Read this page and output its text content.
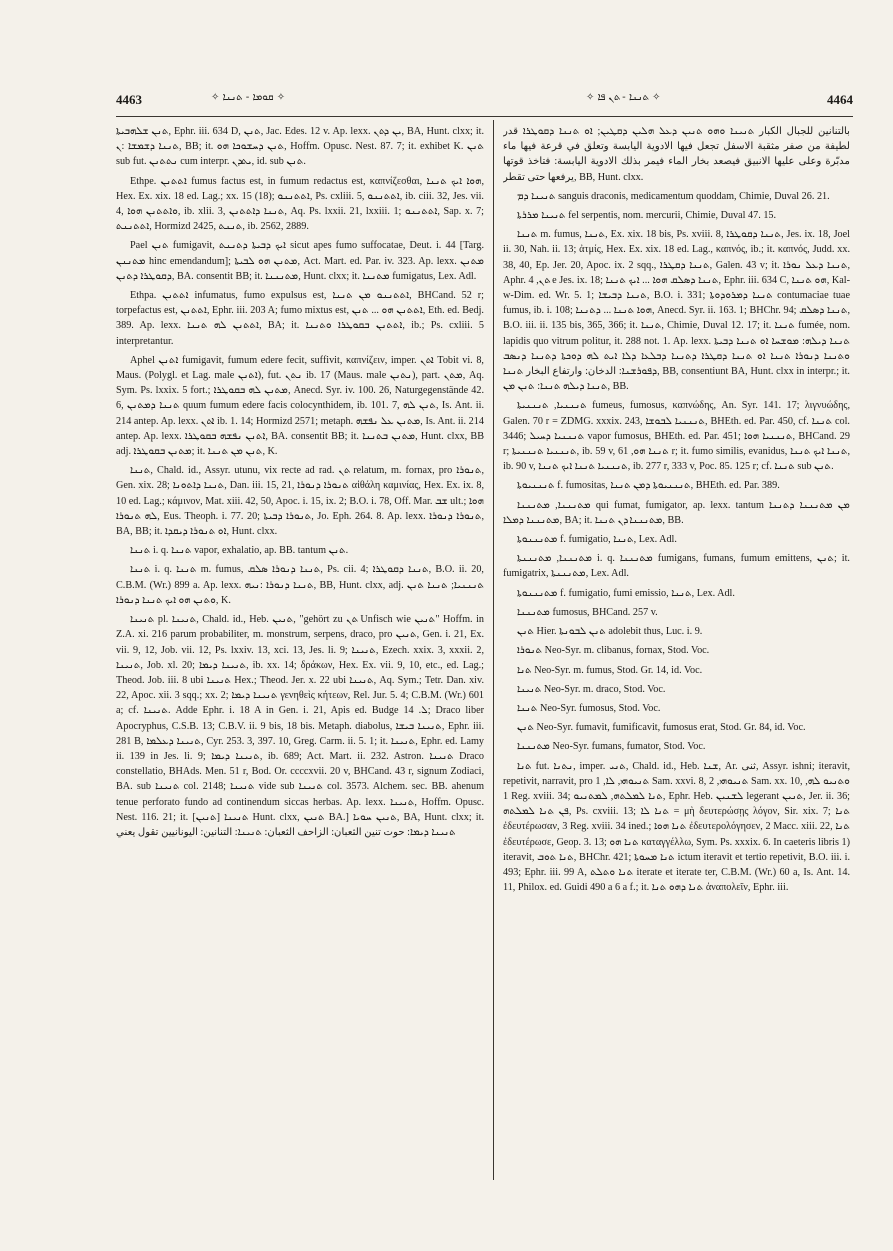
4463	✧ ܩܘܡܐ - ܬܢܢܐ ✧	✧ ܬܢܢܐ - ܬܢ ܦܐ ✧	4464

ܬܢܢ ܫܠܗܒܝܬܐ, Ephr. iii. 634 D, ܬܢܢ, Jac. Edes. 12 v. Ap. lexx. ܝܢ ܕܬܢ, BA, Hunt. clxx; it. ܬܢܢܐ ܕܫܡܫܐ :ܢ, BB; it. ܬܢܢ ܕܚܫܘܟܐ ܗܘ, Hoffm. Opusc. Nest. 87. 7; it. exhibet K. ܬܢܢ sub fut. ܢܬܬܢܢ cum interpr. ܝܬܕܢ, id. sub ܬܢܢ.

Ethpe. ܐܬܬܢܢ fumus factus est, in fumum redactus est, καπνίζεσθαι, ܗܘܐ ܐܝܟ ܬܢܢܐ, Hex. Ex. xix. 18 ed. Lag.; xx. 15 (18); ܐܬܬܢܢܘ, Ps. cxliii. 5, ܐܬܬܢܢܘ, ib. ciii. 32, Jes. vii. 4, ܘܐܬܬܢܢ ܗܘܐ, ib. xlii. 3, ܬܢܢܐ ܕܐܬܬܢܢ, Aq. Ps. lxxii. 21, lxxiii. 1; ܐܬܬܢܢܘ, Sap. x. 7; ܐܬܬܢܢܬ, Hormizd 2425, ܬܢܢܬ, ib. 2562, 2889.

Pael ܬܢܢ fumigavit, ܐܝܟ ܕܒܝܬܐ ܕܬܢܢܬ sicut apes fumo suffocatae, Deut. i. 44 [Targ. ܡܬܢܢܢ hinc emendandum]; ܡܬܢܢ ܗܘ ܠܒܝܬܐ, Act. Mart. ed. Par. iv. 323. Ap. lexx. ܡܬܢܢ ܕܩܘܛܪܐ ܕܬܢܢ, BA. consentit BB; it. ܡܬܢܢܢܐ, Hunt. clxx; it. ܡܬܢܢܐ fumigatus, Lex. Adl.

Ethpa. ܐܬܬܢܢ infumatus, fumo expulsus est, ܐܬܬܢܢܘ ܡܢ ܬܢܢܐ, BHCand. 52 r; torpefactus est, ܐܬܬܢܢ, Ephr. iii. 203 A; fumo mixtus est, ܐܬܬܢܢ ܗܘ ... ܬܢܢ, Eth. ed. Bedj. 389. Ap. lexx. ܐܬܬܢܢ ܠܗ ܬܢܢܐ, BA; it. ܐܬܬܢܢ ܒܩܘܛܪܐ ܘܬܢܢܐ, ib.; Ps. cxliii. 5 interpretantur.

Aphel ܐܬܢܢ fumigavit, fumum edere fecit, suffivit, καπνίζειν, imper. ܐܬܢ Tobit vi. 8, Maus. (Polygl. et Lag. male ܐܬܢܢ), fut. ܢܬܢ ib. 17 (Maus. male ܢܬܢܢ), part. ܡܬܢ, Aq. Sym. Ps. lxxix. 5 fort.; ܡܬܢܢ ܠܗ ܒܩܘܛܪܐ, Anecd. Syr. iv. 100. 26, Naturgegenstände 42. 6, ܬܢܢܐ ܕܡܬܢܢ quum fumum edere facis colocynthidem, ib. 101. 7, ܬܢܢ ܠܗ, Is. Ant. ii. 214 antep. Ap. lexx. ܐܬܢ ib. 1. 14; Hormizd 2571; metaph. ܡܬܢܢ ܥܠ ܢܦܫܗ, Is. Ant. ii. 214 antep. Ap. lexx. ܐܬܢܢ ܢܦܫܗ ܒܩܘܛܪܐ, BA. consentit BB; it. ܡܬܢܢ ܒܬܢܢܐ, Hunt. clxx, BB adj. ܡܬܢܢ ܒܩܘܛܪܐ; it. ܬܢܢ ܡܢ ܬܢܢܐ, K.

ܬܢܢܐ, Chald. id., Assyr. utunu, vix recte ad rad. ܬܢ relatum, m. fornax, pro ܬܢܘܪܐ, Gen. xix. 28; ܬܢܢܐ ܕܐܬܘܢܐ, Dan. iii. 15, 21, ܬܢܘܪܐ ܕܢܘܪܐ αἰθάλη καμινίας, Hex. Ex. ix. 8, 10 ed. Lag.; κάμινον, Mat. xiii. 42, 50, Apoc. i. 15, ix. 2; B.O. i. 78, Off. Mar. ܫܒ ult.; ܗܘܐ ܠܗ ܬܢܘܪܐ, Eus. Theoph. i. 77. 20; ܬܢܘܪܐ ܕܒܝܬܐ, Jo. Eph. 264. 8. Ap. lexx. ܬܢܘܪܐ ܕܢܘܪܐ, BA, BB; it. ܐܘ ܬܢܘܪܐ ܕܝܩܕܐ, Hunt. clxx.

ܬܢܢܐ i. q. ܬܢܢܐ vapor, exhalatio, ap. BB. tantum ܬܢܢ.

ܬܢܢܐ i. q. ܬܢܢܐ m. fumus, ܬܢܢܐ ܕܢܘܪܐ ܣܠܩ, Ps. cii. 4; ܬܢܢܐ ܕܩܘܛܪܐ, B.O. ii. 20, C.B.M. (Wr.) 899 a. Ap. lexx. ܬܢܢܐ ܕܢܘܪܐ :ܢܝܗ, BB, Hunt. clxx, adj. ܬܢܢܢܝܐ; ܬܢܢܐ ܬܢܢ ܘܬܢܢ ܗܘ ܐܝܟ ܬܢܢܐ ܕܢܘܪܐ, K.

ܬܢܝܢܐ pl. ܬܢܝܢܐ, Chald. id., Heb. ܬܢܝܢ, "gehört zu ܬܢ Unfisch wie ܬܢܝܢ" Hoffm. in Z.A. xi. 216 parum probabiliter, m. monstrum, serpens, draco, pro ܬܢܝܢ, Gen. i. 21, Ex. vii. 9, 12, Job. vii. 12, Ps. lxxiv. 13, xci. 13, Jes. li. 9; ܬܢܝܢܐ, Ezech. xxix. 3, xxxii. 2, ܬܢܝܢܐ, Job. xl. 20; ܬܢܝܢܐ ܕܝܡܐ, ib. xx. 14; δράκων, Hex. Ex. vii. 9, 10, etc., ed. Lag.; Theod. Job. iii. 8 ubi ܬܢܝܢܐ Hex.; Theod. Jer. x. 22 ubi ܬܢܝܢܐ, Aq. Sym.; Tetr. Dan. xiv. 22, Apoc. xii. 3 sqq.; xx. 2; ܬܢܝܢܐ ܕܝܡܐ γενηθεὶς κήτεων, Rel. Jur. 5. 4; C.B.M. (Wr.) 601 a; cf. ܬܢܝܢܐ. Adde Ephr. i. 18 A in Gen. i. 21, Apis ed. Budge ܠ. 14; Draco liber Apocryphus, C.S.B. 13; C.B.V. ii. 9 bis, 18 bis. Metaph. diabolus, ܬܢܝܢܐ ܒܝܫܐ, Ephr. iii. 281 B, ܬܢܝܢܐ ܕܥܠܡܐ, Cyr. 253. 3, 397. 10, Greg. Carm. ii. 5. 1; it. ܬܢܝܢܐ, Ephr. ed. Lamy ii. 139 in Jes. li. 9; ܬܢܝܢܐ ܕܝܡܐ, ib. 689; Act. Mart. ii. 232. Astron. ܬܢܝܢܐ Draco constellatio, BHAds. Men. 51 r, Bod. Or. ccccxvii. 20 v, BHCand. 43 r, signum Zodiaci, BA. sub ܬܢܝܢܐ col. 2148; ܬܢܝܢܐ vide sub ܬܢܝܢܐ col. 3573. Alchem. sec. BB. ahenum tenue perforato fundo ad continendum siccas herbas. Ap. lexx. ܬܢܝܢܐ, Hoffm. Opusc. Nest. 116. 21; it. ܬܢܝܢܐ [ܬܢܝܢ] Hunt. clxx, ܬܢܝܢ BA.] ܬܢܝܢ ܚܘܝܐ, BA, Hunt. clxx; it. ܬܢܝܢܐ ܕܝܡܐ: حوت تنين الثعبان: الزاحف الثعبان: ܬܢܝܢܐ: التنانين: اليونانيين تقول يعني

بالتنانين للجبال الكبار ܬܢܝܢܐ ܘܗܘ ܬܢܝܢ ܕܥܠ ܗܠܝܢ ܕܩܛܝܢ; ܐܘ ܬܢܢܐ ܕܩܘܛܪܐ قدر لطيفة من صفر مثقبة الاسفل تجعل فيها الادوية اليابسة وتعلق في قرعة فيها ماء مدبّرة وعلى عليها الانبيق فيصعد بخار الماء فيمر بذلك الادوية اليابسة: فتاخذ قوتها يرفعها حتى تقطر, BB, Hunt. clxx.

ܬܢܝܢܐ ܕܡ sanguis draconis, medicamentum quoddam, Chimie, Duval 26. 21.

ܬܢܝܢܐ ܡܪܪܬܐ fel serpentis, nom. mercurii, Chimie, Duval 47. 15.

ܬܢܢܐ m. fumus, ܬܢܢܐ, Ex. xix. 18 bis, Ps. xviii. 8, ܬܢܢܐ ܕܩܘܛܪܐ, Jes. ix. 18, Joel ii. 30, Nah. ii. 13; ἀτμίς, Hex. Ex. xix. 18 ed. Lag., καπνός, ib.; it. καπνός, Judd. xx. 38, 40, Ep. Jer. 20, Apoc. ix. 2 sqq., ܬܢܢܐ ܕܩܛܪܐ, Galen. 43 v; it. ܬܢܢܐ ܕܥܠ ܢܘܪܐ, Aphr. ܬܢ, 4 e Jes. ix. 18; ܬܢܢܐ ܕܣܠܩ ܗܘܐ ... ܐܝܟ ܬܢܢܐ, Ephr. iii. 634 C, ܗܘ ܬܢܢܐ, Kal-w-Dim. ed. Wr. 5. 1; ܬܢܢܐ ܕܒܝܫܐ, B.O. i. 331; ܬܢܢܐ ܕܡܪܘܕܘܬܐ contumaciae tuae fumus, ib. i. 108; ܗܘܐ ܬܢܢܐ ... ܕܬܢܢܐ, Anecd. Syr. ii. 163. 1; BHChr. 94; ܬܢܢܐ ܕܣܠܩ, B.O. iii. ii. 135 bis, 365, 366; it. ܬܢܢܐ, Chimie, Duval 12. 17; it. ܬܢܢܐ fumée, nom. lapidis quo vitrum politur, it. 288 not. 1. Ap. lexx. ܬܢܢܐ ܕܝܠܗ: ܡܘܫܚܐ ܐܘ ܬܢܢܐ ܕܒܝܬܐ ܘܬܢܢܐ ܕܢܘܪܐ ܬܢܢܐ ܐܘ ܬܢܢܐ ܕܩܛܪܐ ܕܬܢܢܐ ܕܒܠܥܐ ܕܠܐ ܐܝܬ ܠܗ ܕܘܟܬܐ ܕܬܢܢܐ ܕܢܣܒ ܕܦܘܪܫܢܐ: الدخان: وارتفاع البخار ܬܢܢܐ, BB, consentiunt BA, Hunt. clxx in interpr.; it. ܬܢܢܐ ܕܝܠܗ ܬܢܢܐ: ܬܢܢ ܡܢ, BB.

ܬܢܢܢܝܐ, ܬܢܢܢܝܬܐ fumeus, fumosus, καπνώδης, An. Syr. 141. 17; λιγνυώδης, Galen. 70 r = ZDMG. xxxix. 243, ܬܢܢܢܝܐ ܠܒܘܫܐ, BHEth. ed. Par. 450, cf. ܬܢܢܐ col. 3446; ܬܢܢܢܝܐ ܕܚܝܠ vapor fumosus, BHEth. ed. Par. 451; ܬܢܢܢܝܐ ܗܘܐ, BHCand. 29 r; ܬܢܢܢܝܐ ܬܢܢܢܝܬܐ, ib. 59 v, ܬܢܢܐ ܗܘ, 61 r; it. fumo similis, evanidus, ܬܢܢܐ ܐܝܟ ܬܢܢܐ, ib. 90 v, ܬܢܢܢܝܐ ܬܢܢܐ ܐܝܟ ܬܢܢܐ, ib. 277 r, 333 v, Poc. 85. 125 r; cf. ܬܢܢܐ sub ܬܢܢ.

ܬܢܢܢܝܘܬܐ f. fumositas, ܬܢܢܢܝܘܬܐ ܕܡܢ ܬܢܢܐ, BHEth. ed. Par. 389.

ܡܬܢܢܢܐ, ܡܬܢܢܢܐ qui fumat, fumigator, ap. lexx. tantum ܡܢ ܡܬܢܢܢܐ ܕܬܢܢܐ ܡܬܢܢܢܐ ܕܡܠܐ, BA; it. ܡܬܢܢܢܐ ܕܢ ܬܢܢܐ, BB.

ܡܬܢܢܢܘܬܐ f. fumigatio, ܬܢܢܐ, Lex. Adl.

ܡܬܢܢܢܐ, ܡܬܢܢܢܬܐ i. q. ܡܬܢܢܢܐ fumigans, fumans, fumum emittens, ܬܢܢ; it. fumigatrix, ܡܬܢܢܢܬܐ, Lex. Adl.

ܡܬܢܢܢܘܬܐ f. fumigatio, fumi emissio, ܬܢܢܐ, Lex. Adl.

ܡܬܢܢܢܐ fumosus, BHCand. 257 v.

ܬܢܢ Hier. ܬܢܢ ܠܒܘܢܬܐ adolebit thus, Luc. i. 9.

ܬܢܘܪܐ Neo-Syr. m. clibanus, fornax, Stod. Voc.

ܬܢܐ Neo-Syr. m. fumus, Stod. Gr. 14, id. Voc.

ܬܢܝܢܐ Neo-Syr. m. draco, Stod. Voc.

ܬܢܢܐ Neo-Syr. fumosus, Stod. Voc.

ܬܢܢ Neo-Syr. fumavit, fumificavit, fumosus erat, Stod. Gr. 84, id. Voc.

ܡܬܢܢܢܐ Neo-Syr. fumans, fumator, Stod. Voc.

ܬܢܐ fut. ܢܬܢܐ, imper. ܬܢܝ, Chald. id., Heb. ܫܢܐ, Ar. ثنى, Assyr. ishni; iteravit, repetivit, narravit, pro ܬܢܝܘܗܝ, ܠܐ, 1 Sam. xxvi. 8, ܬܢܝܘܗܝ, 2 Sam. xx. 10, ܘܬܢܝܘ ܠܗ, 1 Reg. xviii. 34; ܬܢܐ ܠܡܠܬܗ, ܠܡܬܢܝܘ, Ephr. Heb. ܠܫܢܝܢ legerant ܬܢܝܢ, Jer. ii. 36; ܦܢ ܬܢܐ ܠܡܠܬܗ, Ps. cxviii. 13; ܬܢܐ ܠܐ = μὴ δευτερώσῃς λόγον, Sir. xix. 7; ܬܢܐ ἐδευτέρωσαν, 3 Reg. xviii. 34 ined.; ܬܢܐ ܗܘܐ ἐδευτερολόγησεν, 2 Macc. xiii. 22, ܬܢܐ ἐδευτέρωσε, Geop. 3. 13; ܬܢܐ ܗܘ καταγγέλλω, Sym. Ps. xxxix. 6. In caeteris libris 1) iteravit, ܬܢܐ ܬܘܒ, BHChr. 421; ܬܢܐ ܡܚܘܬܐ ictum iteravit et tertio repetivit, B.O. iii. i. 493; Ephr. iii. 99 A, ܬܢܐ ܘܬܠܬ iterate et iterate ter, C.B.M. (Wr.) 60 a, Is. Ant. 14. 11, Philox. ed. Guidi 490 a 6 a f.; it. ܬܢܐ ܕܗܘ ܬܢܐ ἀναπολεῖν, Ephr. iii.
